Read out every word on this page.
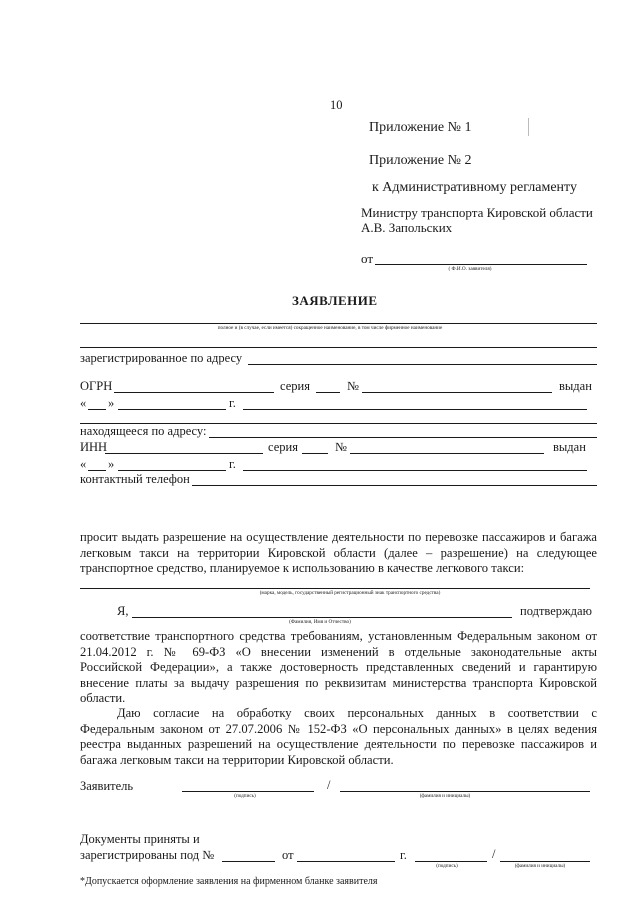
10
Приложение № 1
Приложение № 2
к Административному регламенту
Министру транспорта Кировской области
А.В. Запольских
от
( Ф.И.О. заявителя)
ЗАЯВЛЕНИЕ
полное и (в случае, если имеется) сокращенное наименование, в том числе фирменное наименование
зарегистрированное по адресу
ОГРН	серия	№	выдан
« »	г.
находящееся по адресу:
ИНН	серия	№	выдан
« »	г.
контактный телефон
просит выдать разрешение на осуществление деятельности по перевозке пассажиров и багажа
легковым такси на территории Кировской области (далее – разрешение) на следующее
транспортное средство, планируемое к использованию в качестве легкового такси:
(марка, модель, государственный регистрационный знак транспортного средства)
Я,	подтверждаю
(Фамилия, Имя и Отчество)
соответствие транспортного средства требованиям, установленным Федеральным законом от
21.04.2012 г. № 69-ФЗ «О внесении изменений в отдельные законодательные акты
Российской Федерации», а также достоверность представленных сведений и гарантирую
внесение платы за выдачу разрешения по реквизитам министерства транспорта Кировской
области.
Даю согласие на обработку своих персональных данных в соответствии с
Федеральным законом от 27.07.2006 № 152-ФЗ «О персональных данных» в целях ведения
реестра выданных разрешений на осуществление деятельности по перевозке пассажиров и
багажа легковым такси на территории Кировской области.
Заявитель	/
(подпись)	(фамилия и инициалы)
Документы приняты и
зарегистрированы под №	от	г.	/
(подпись)	(фамилия и инициалы)
*Допускается оформление заявления на фирменном бланке заявителя
